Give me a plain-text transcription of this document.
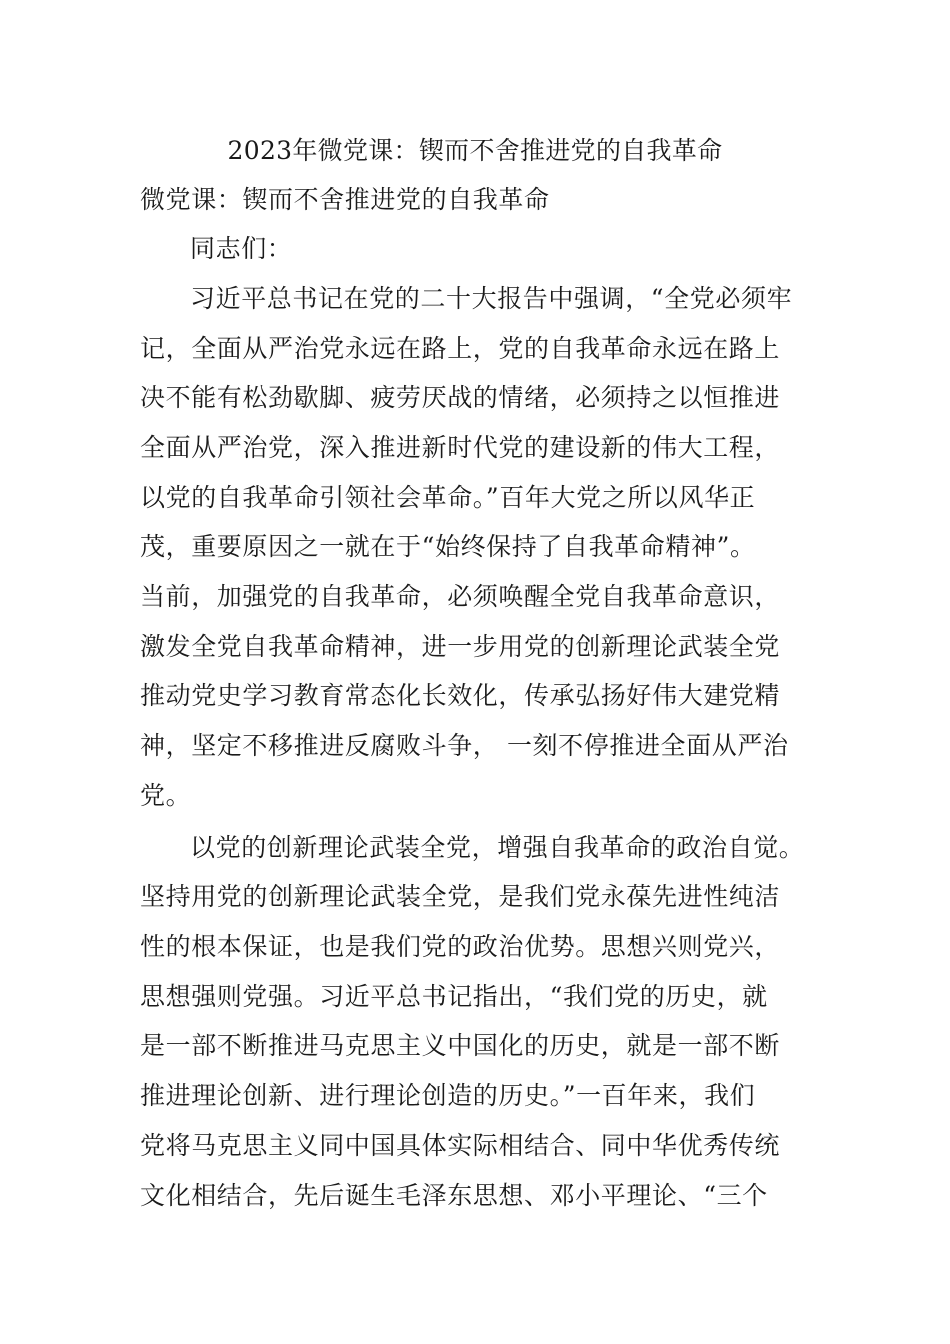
2023年微党课：锲而不舍推进党的自我革命
微党课：锲而不舍推进党的自我革命
同志们：
习近平总书记在党的二十大报告中强调，“全党必须牢
记，全面从严治党永远在路上，党的自我革命永远在路上
决不能有松劲歇脚、疲劳厌战的情绪，必须持之以恒推进
全面从严治党，深入推进新时代党的建设新的伟大工程，
以党的自我革命引领社会革命。”百年大党之所以风华正
茂，重要原因之一就在于“始终保持了自我革命精神”。
当前，加强党的自我革命，必须唤醒全党自我革命意识，
激发全党自我革命精神，进一步用党的创新理论武装全党
推动党史学习教育常态化长效化，传承弘扬好伟大建党精
神，坚定不移推进反腐败斗争， 一刻不停推进全面从严治
党。
以党的创新理论武装全党，增强自我革命的政治自觉。
坚持用党的创新理论武装全党，是我们党永葆先进性纯洁
性的根本保证，也是我们党的政治优势。思想兴则党兴，
思想强则党强。习近平总书记指出，“我们党的历史，就
是一部不断推进马克思主义中国化的历史，就是一部不断
推进理论创新、进行理论创造的历史。”一百年来，我们
党将马克思主义同中国具体实际相结合、同中华优秀传统
文化相结合，先后诞生毛泽东思想、邓小平理论、“三个
